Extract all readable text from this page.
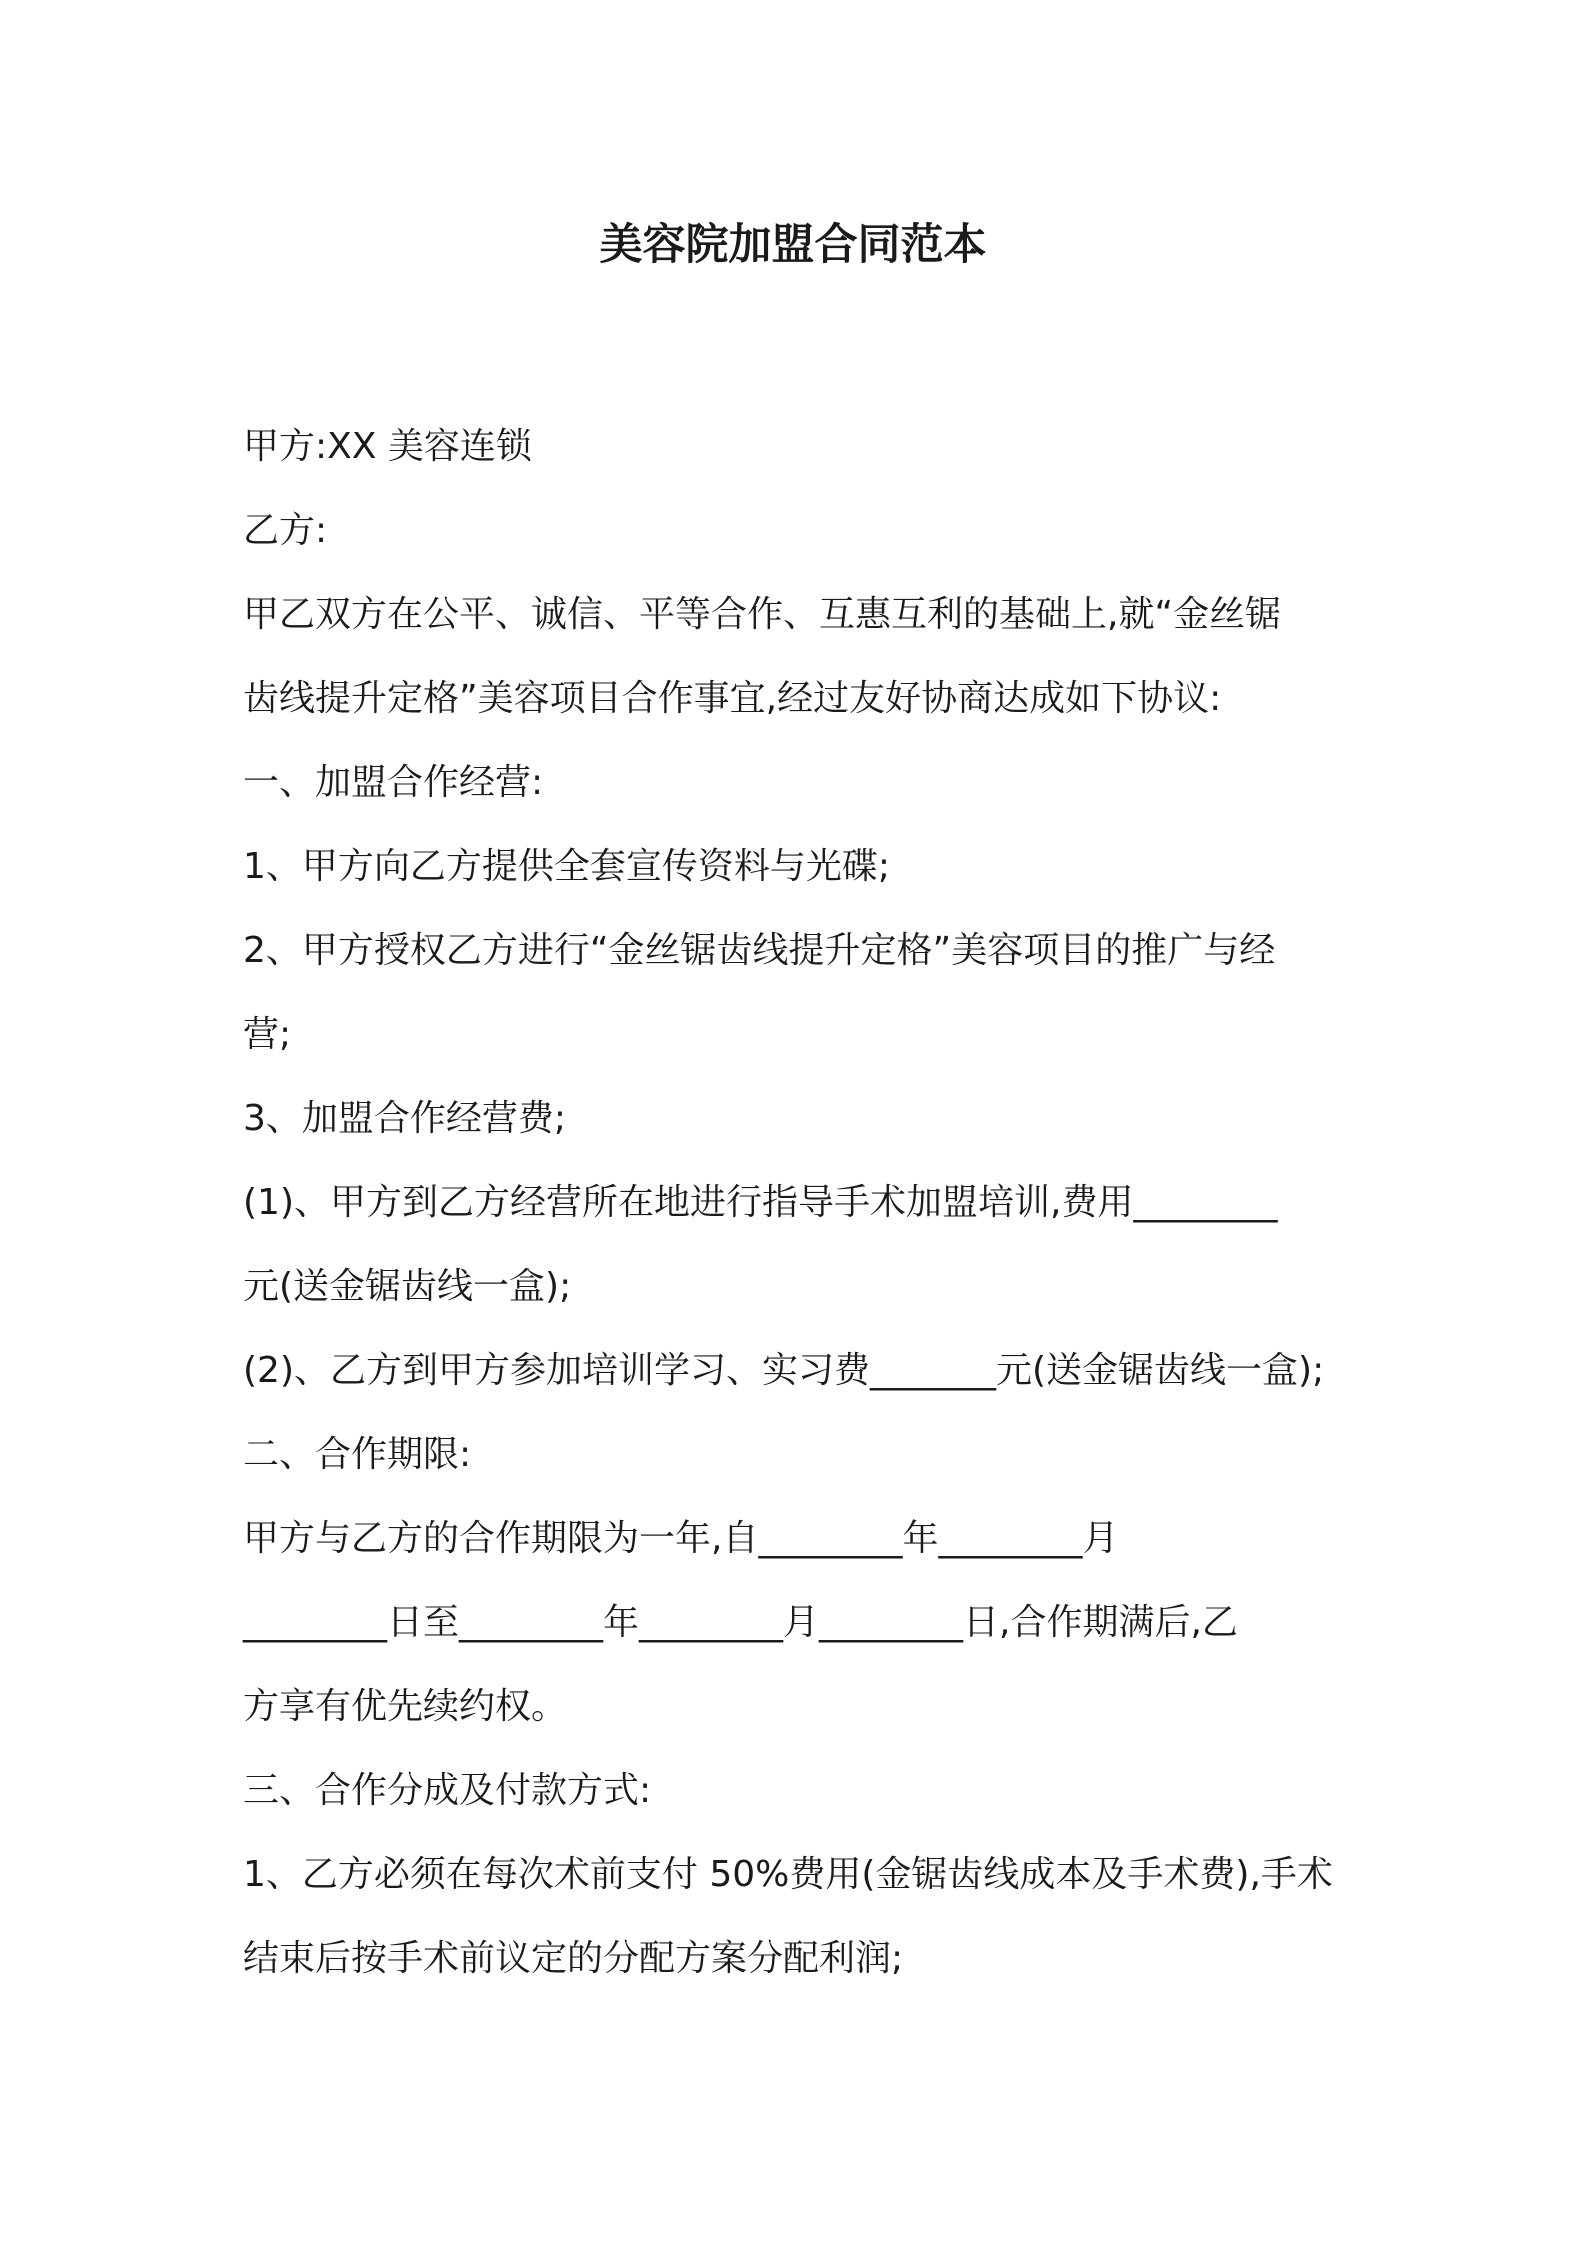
美容院加盟合同范本
甲方:XX 美容连锁
乙方:
甲乙双方在公平、诚信、平等合作、互惠互利的基础上,就“金丝锯
齿线提升定格”美容项目合作事宜,经过友好协商达成如下协议:
一、加盟合作经营:
1、甲方向乙方提供全套宣传资料与光碟;
2、甲方授权乙方进行“金丝锯齿线提升定格”美容项目的推广与经
营;
3、加盟合作经营费;
(1)、甲方到乙方经营所在地进行指导手术加盟培训,费用________
元(送金锯齿线一盒);
(2)、乙方到甲方参加培训学习、实习费_______元(送金锯齿线一盒);
二、合作期限:
甲方与乙方的合作期限为一年,自________年________月
________日至________年________月________日,合作期满后,乙
方享有优先续约权。
三、合作分成及付款方式:
1、乙方必须在每次术前支付 50%费用(金锯齿线成本及手术费),手术
结束后按手术前议定的分配方案分配利润;
